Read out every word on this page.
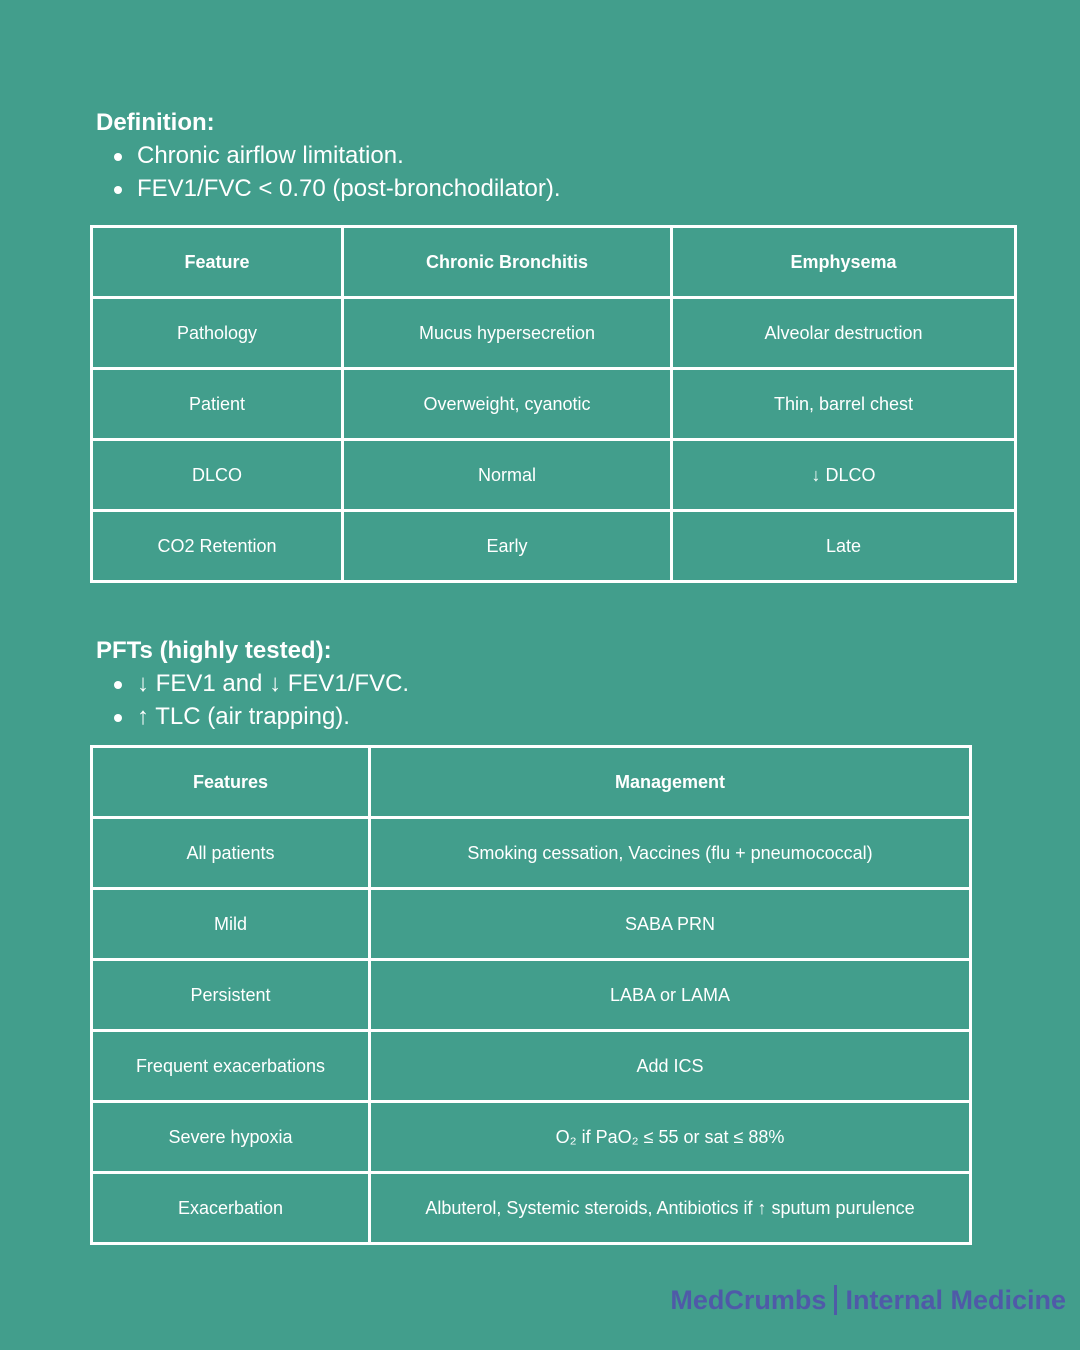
Definition:
Chronic airflow limitation.
FEV1/FVC < 0.70 (post-bronchodilator).
Feature	Chronic Bronchitis	Emphysema
Pathology	Mucus hypersecretion	Alveolar destruction
Patient	Overweight, cyanotic	Thin, barrel chest
DLCO	Normal	↓ DLCO
CO2 Retention	Early	Late
PFTs (highly tested):
↓ FEV1 and ↓ FEV1/FVC.
↑ TLC (air trapping).
Features	Management
All patients	Smoking cessation, Vaccines (flu + pneumococcal)
Mild	SABA PRN
Persistent	LABA or LAMA
Frequent exacerbations	Add ICS
Severe hypoxia	O₂ if PaO₂ ≤ 55 or sat ≤ 88%
Exacerbation	Albuterol, Systemic steroids, Antibiotics if ↑ sputum purulence
MedCrumbs Internal Medicine
